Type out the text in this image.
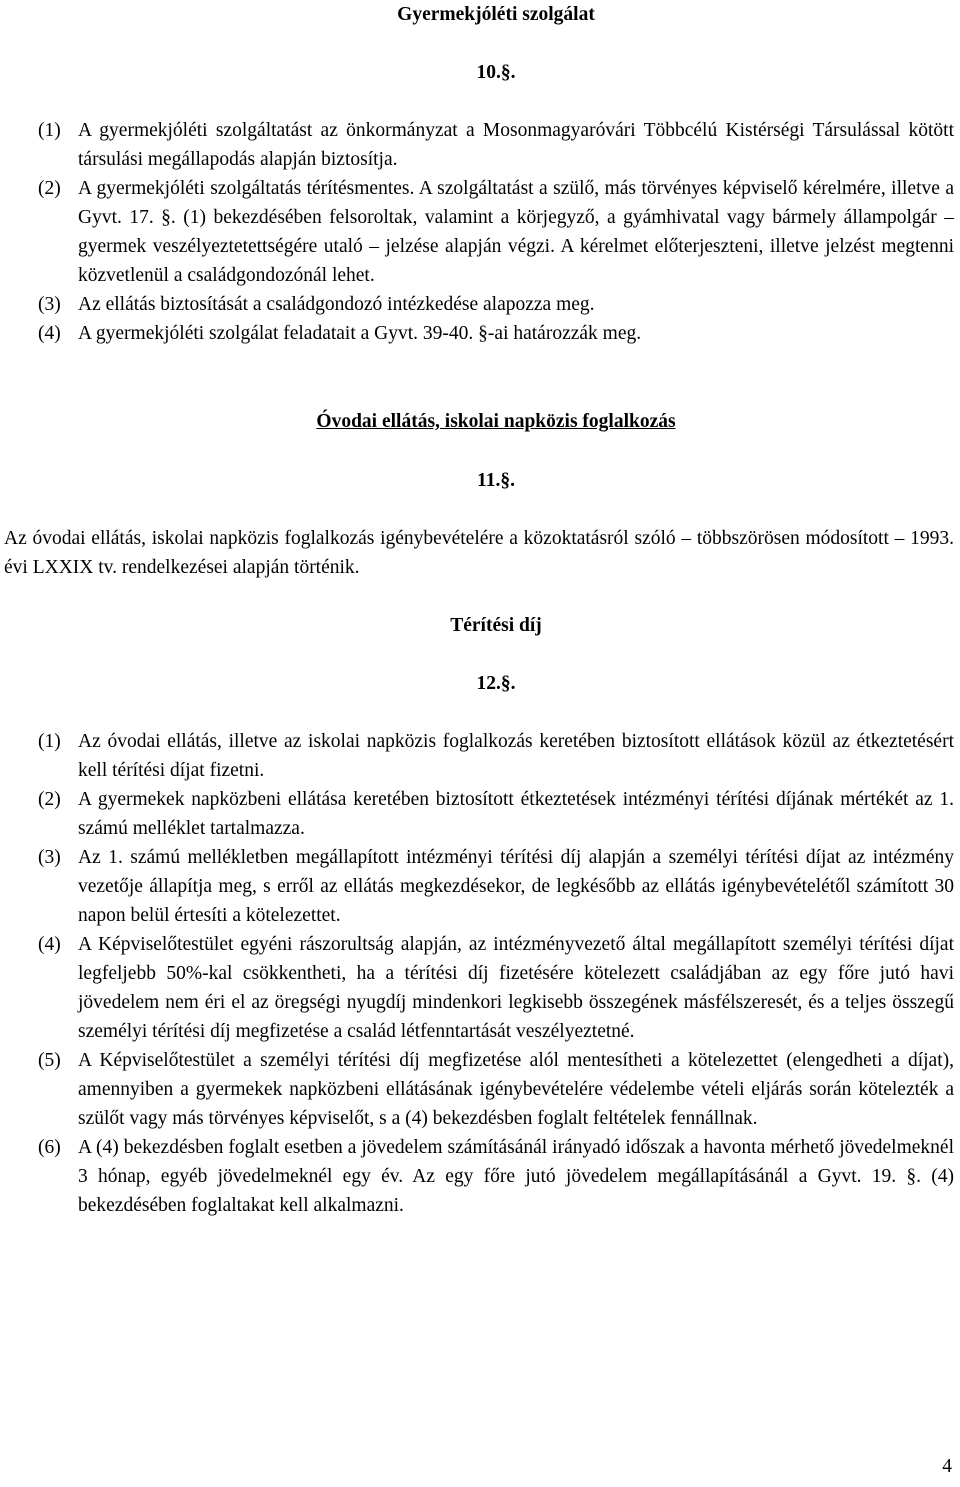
Gyermekjóléti szolgálat
10.§.
(1) A gyermekjóléti szolgáltatást az önkormányzat a Mosonmagyaróvári Többcélú Kistérségi Társulással kötött társulási megállapodás alapján biztosítja.
(2) A gyermekjóléti szolgáltatás térítésmentes. A szolgáltatást a szülő, más törvényes képviselő kérelmére, illetve a Gyvt. 17. §. (1) bekezdésében felsoroltak, valamint a körjegyző, a gyámhivatal vagy bármely állampolgár – gyermek veszélyeztetettségére utaló – jelzése alapján végzi. A kérelmet előterjeszteni, illetve jelzést megtenni közvetlenül a családgondozónál lehet.
(3) Az ellátás biztosítását a családgondozó intézkedése alapozza meg.
(4) A gyermekjóléti szolgálat feladatait a Gyvt. 39-40. §-ai határozzák meg.
Óvodai ellátás, iskolai napközis foglalkozás
11.§.

Az óvodai ellátás, iskolai napközis foglalkozás igénybevételére a közoktatásról szóló – többszörösen módosított – 1993. évi LXXIX tv. rendelkezései alapján történik.

Térítési díj
12.§.
(1) Az óvodai ellátás, illetve az iskolai napközis foglalkozás keretében biztosított ellátások közül az étkeztetésért kell térítési díjat fizetni.
(2) A gyermekek napközbeni ellátása keretében biztosított étkeztetések intézményi térítési díjának mértékét az 1. számú melléklet tartalmazza.
(3) Az 1. számú mellékletben megállapított intézményi térítési díj alapján a személyi térítési díjat az intézmény vezetője állapítja meg, s erről az ellátás megkezdésekor, de legkésőbb az ellátás igénybevételétől számított 30 napon belül értesíti a kötelezettet.
(4) A Képviselőtestület egyéni rászorultság alapján, az intézményvezető által megállapított személyi térítési díjat legfeljebb 50%-kal csökkentheti, ha a térítési díj fizetésére kötelezett családjában az egy főre jutó havi jövedelem nem éri el az öregségi nyugdíj mindenkori legkisebb összegének másfélszeresét, és a teljes összegű személyi térítési díj megfizetése a család létfenntartását veszélyeztetné.
(5) A Képviselőtestület a személyi térítési díj megfizetése alól mentesítheti a kötelezettet (elengedheti a díjat), amennyiben a gyermekek napközbeni ellátásának igénybevételére védelembe vételi eljárás során kötelezték a szülőt vagy más törvényes képviselőt, s a (4) bekezdésben foglalt feltételek fennállnak.
(6) A (4) bekezdésben foglalt esetben a jövedelem számításánál irányadó időszak a havonta mérhető jövedelmeknél 3 hónap, egyéb jövedelmeknél egy év. Az egy főre jutó jövedelem megállapításánál a Gyvt. 19. §. (4) bekezdésében foglaltakat kell alkalmazni.
4
